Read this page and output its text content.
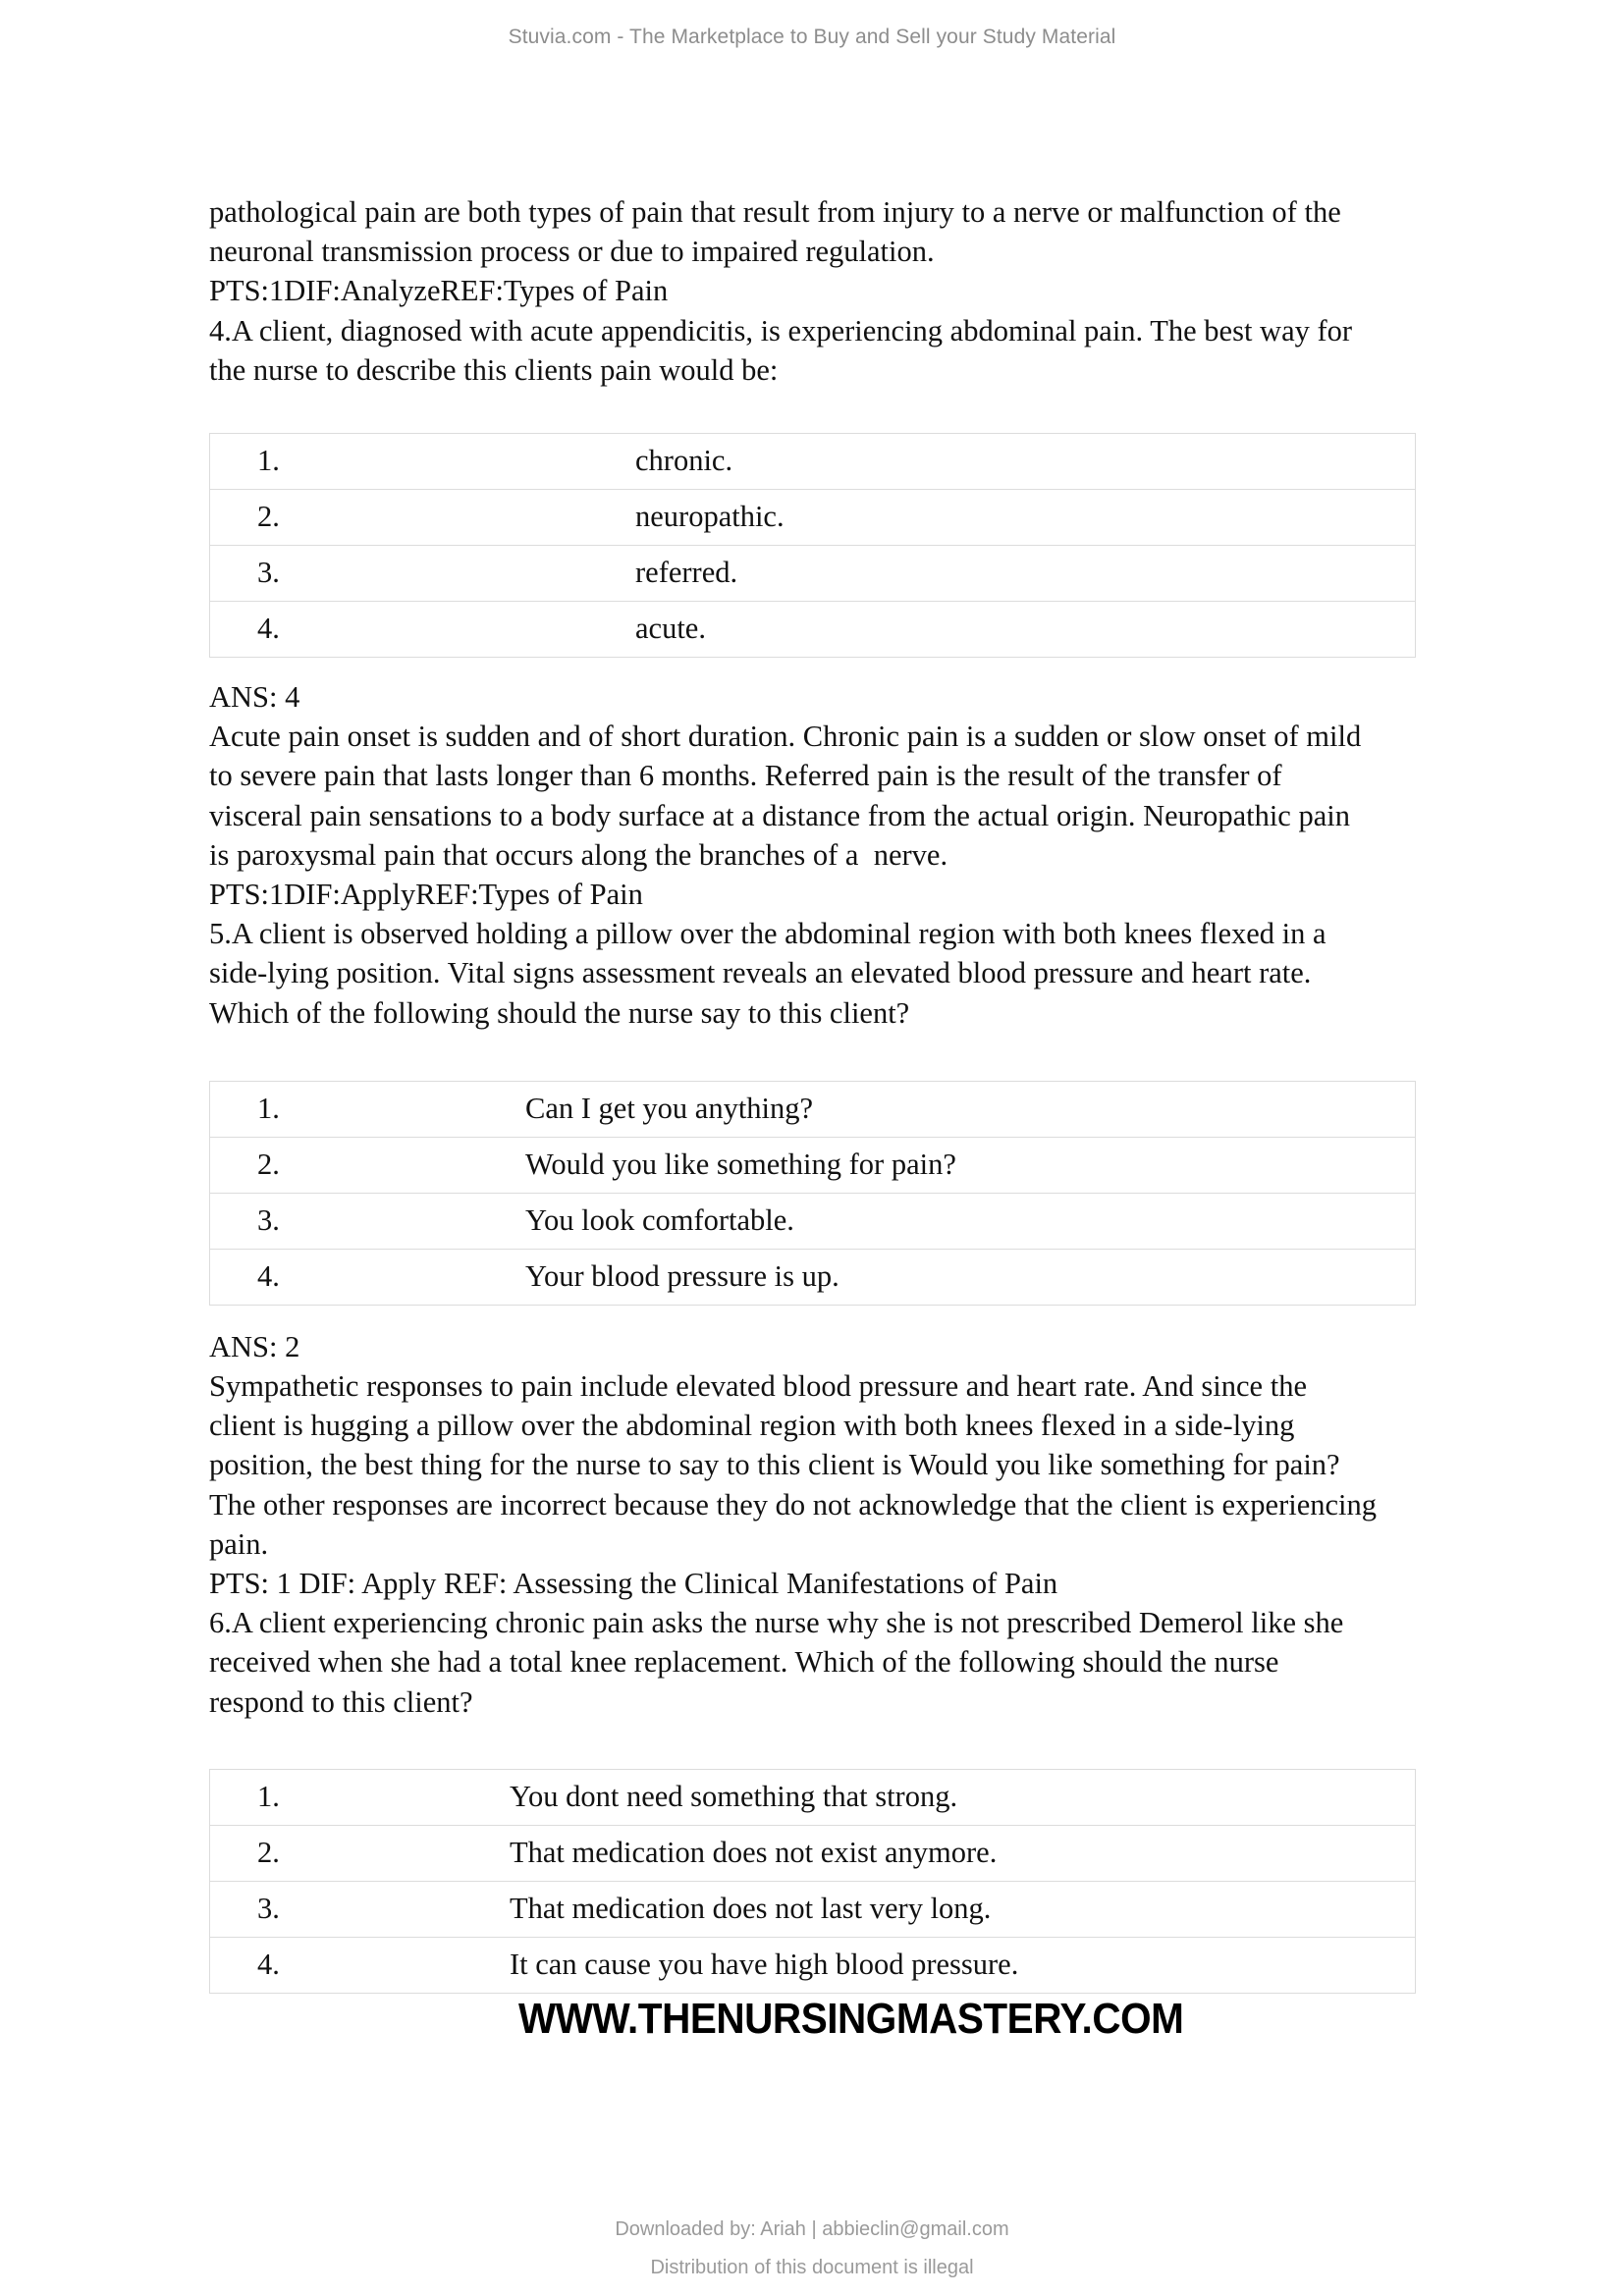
Stuvia.com - The Marketplace to Buy and Sell your Study Material

pathological pain are both types of pain that result from injury to a nerve or malfunction of the
neuronal transmission process or due to impaired regulation.
PTS:1DIF:AnalyzeREF:Types of Pain
4.A client, diagnosed with acute appendicitis, is experiencing abdominal pain. The best way for
the nurse to describe this clients pain would be:

1.	chronic.
2.	neuropathic.
3.	referred.
4.	acute.

ANS: 4
Acute pain onset is sudden and of short duration. Chronic pain is a sudden or slow onset of mild
to severe pain that lasts longer than 6 months. Referred pain is the result of the transfer of
visceral pain sensations to a body surface at a distance from the actual origin. Neuropathic pain
is paroxysmal pain that occurs along the branches of a  nerve.
PTS:1DIF:ApplyREF:Types of Pain
5.A client is observed holding a pillow over the abdominal region with both knees flexed in a
side-lying position. Vital signs assessment reveals an elevated blood pressure and heart rate.
Which of the following should the nurse say to this client?

1.	Can I get you anything?
2.	Would you like something for pain?
3.	You look comfortable.
4.	Your blood pressure is up.

ANS: 2
Sympathetic responses to pain include elevated blood pressure and heart rate. And since the
client is hugging a pillow over the abdominal region with both knees flexed in a side-lying
position, the best thing for the nurse to say to this client is Would you like something for pain?
The other responses are incorrect because they do not acknowledge that the client is experiencing
pain.
PTS: 1 DIF: Apply REF: Assessing the Clinical Manifestations of Pain
6.A client experiencing chronic pain asks the nurse why she is not prescribed Demerol like she
received when she had a total knee replacement. Which of the following should the nurse
respond to this client?

1.	You dont need something that strong.
2.	That medication does not exist anymore.
3.	That medication does not last very long.
4.	It can cause you have high blood pressure.
WWW.THENURSINGMASTERY.COM
Downloaded by: Ariah | abbieclin@gmail.com
Distribution of this document is illegal
